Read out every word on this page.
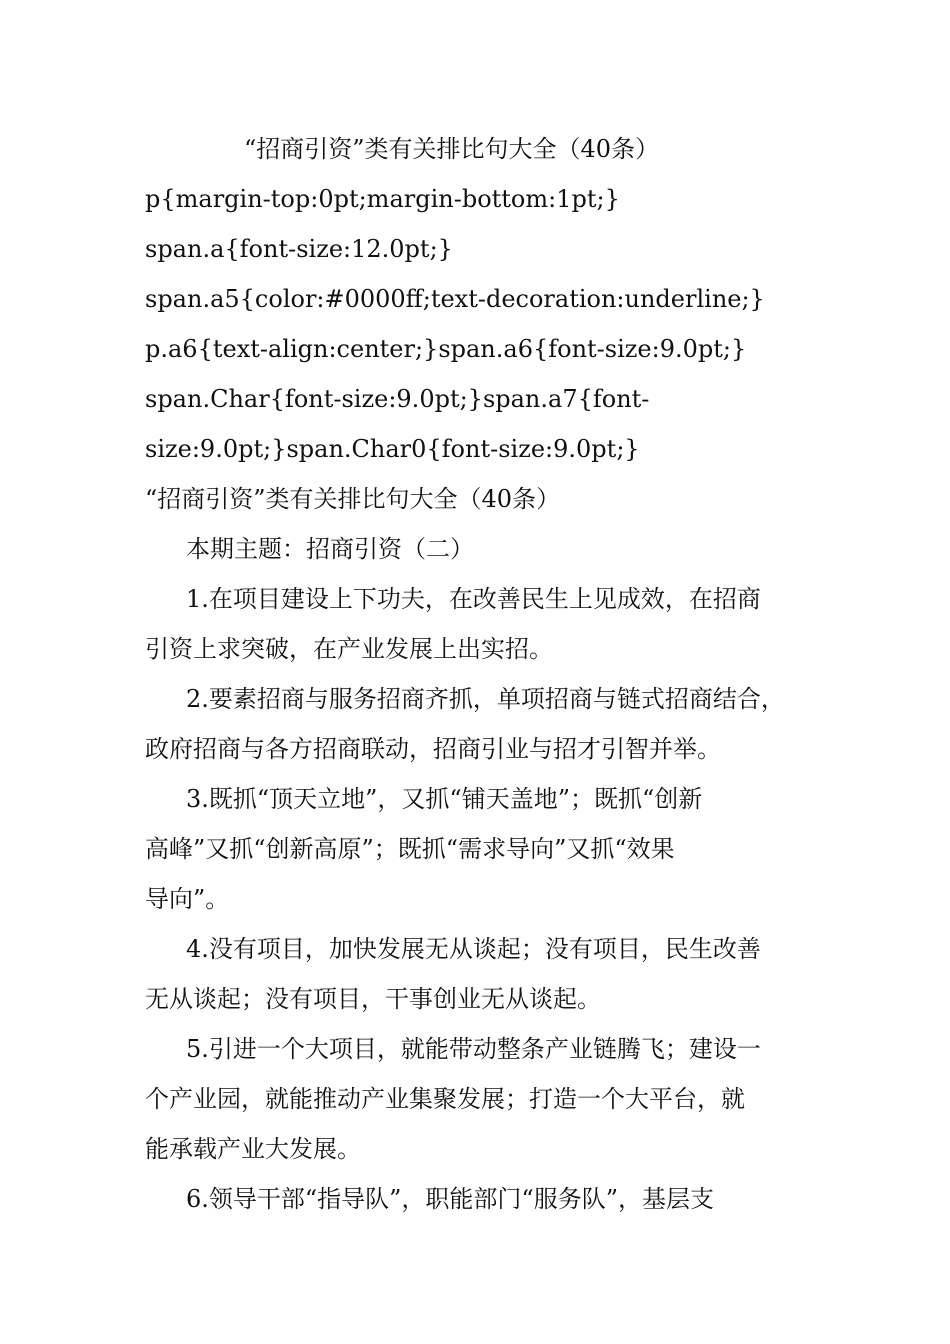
“招商引资”类有关排比句大全（40条）

p{margin-top:0pt;margin-bottom:1pt;}

span.a{font-size:12.0pt;}

span.a5{color:#0000ff;text-decoration:underline;}

p.a6{text-align:center;}span.a6{font-size:9.0pt;}

span.Char{font-size:9.0pt;}span.a7{font-

size:9.0pt;}span.Char0{font-size:9.0pt;}

“招商引资”类有关排比句大全（40条）

本期主题：招商引资（二）

1.在项目建设上下功夫，在改善民生上见成效，在招商

引资上求突破，在产业发展上出实招。

2.要素招商与服务招商齐抓，单项招商与链式招商结合，

政府招商与各方招商联动，招商引业与招才引智并举。

3.既抓“顶天立地”，又抓“铺天盖地”；既抓“创新

高峰”又抓“创新高原”；既抓“需求导向”又抓“效果

导向”。

4.没有项目，加快发展无从谈起；没有项目，民生改善

无从谈起；没有项目，干事创业无从谈起。

5.引进一个大项目，就能带动整条产业链腾飞；建设一

个产业园，就能推动产业集聚发展；打造一个大平台，就

能承载产业大发展。

6.领导干部“指导队”，职能部门“服务队”，基层支
